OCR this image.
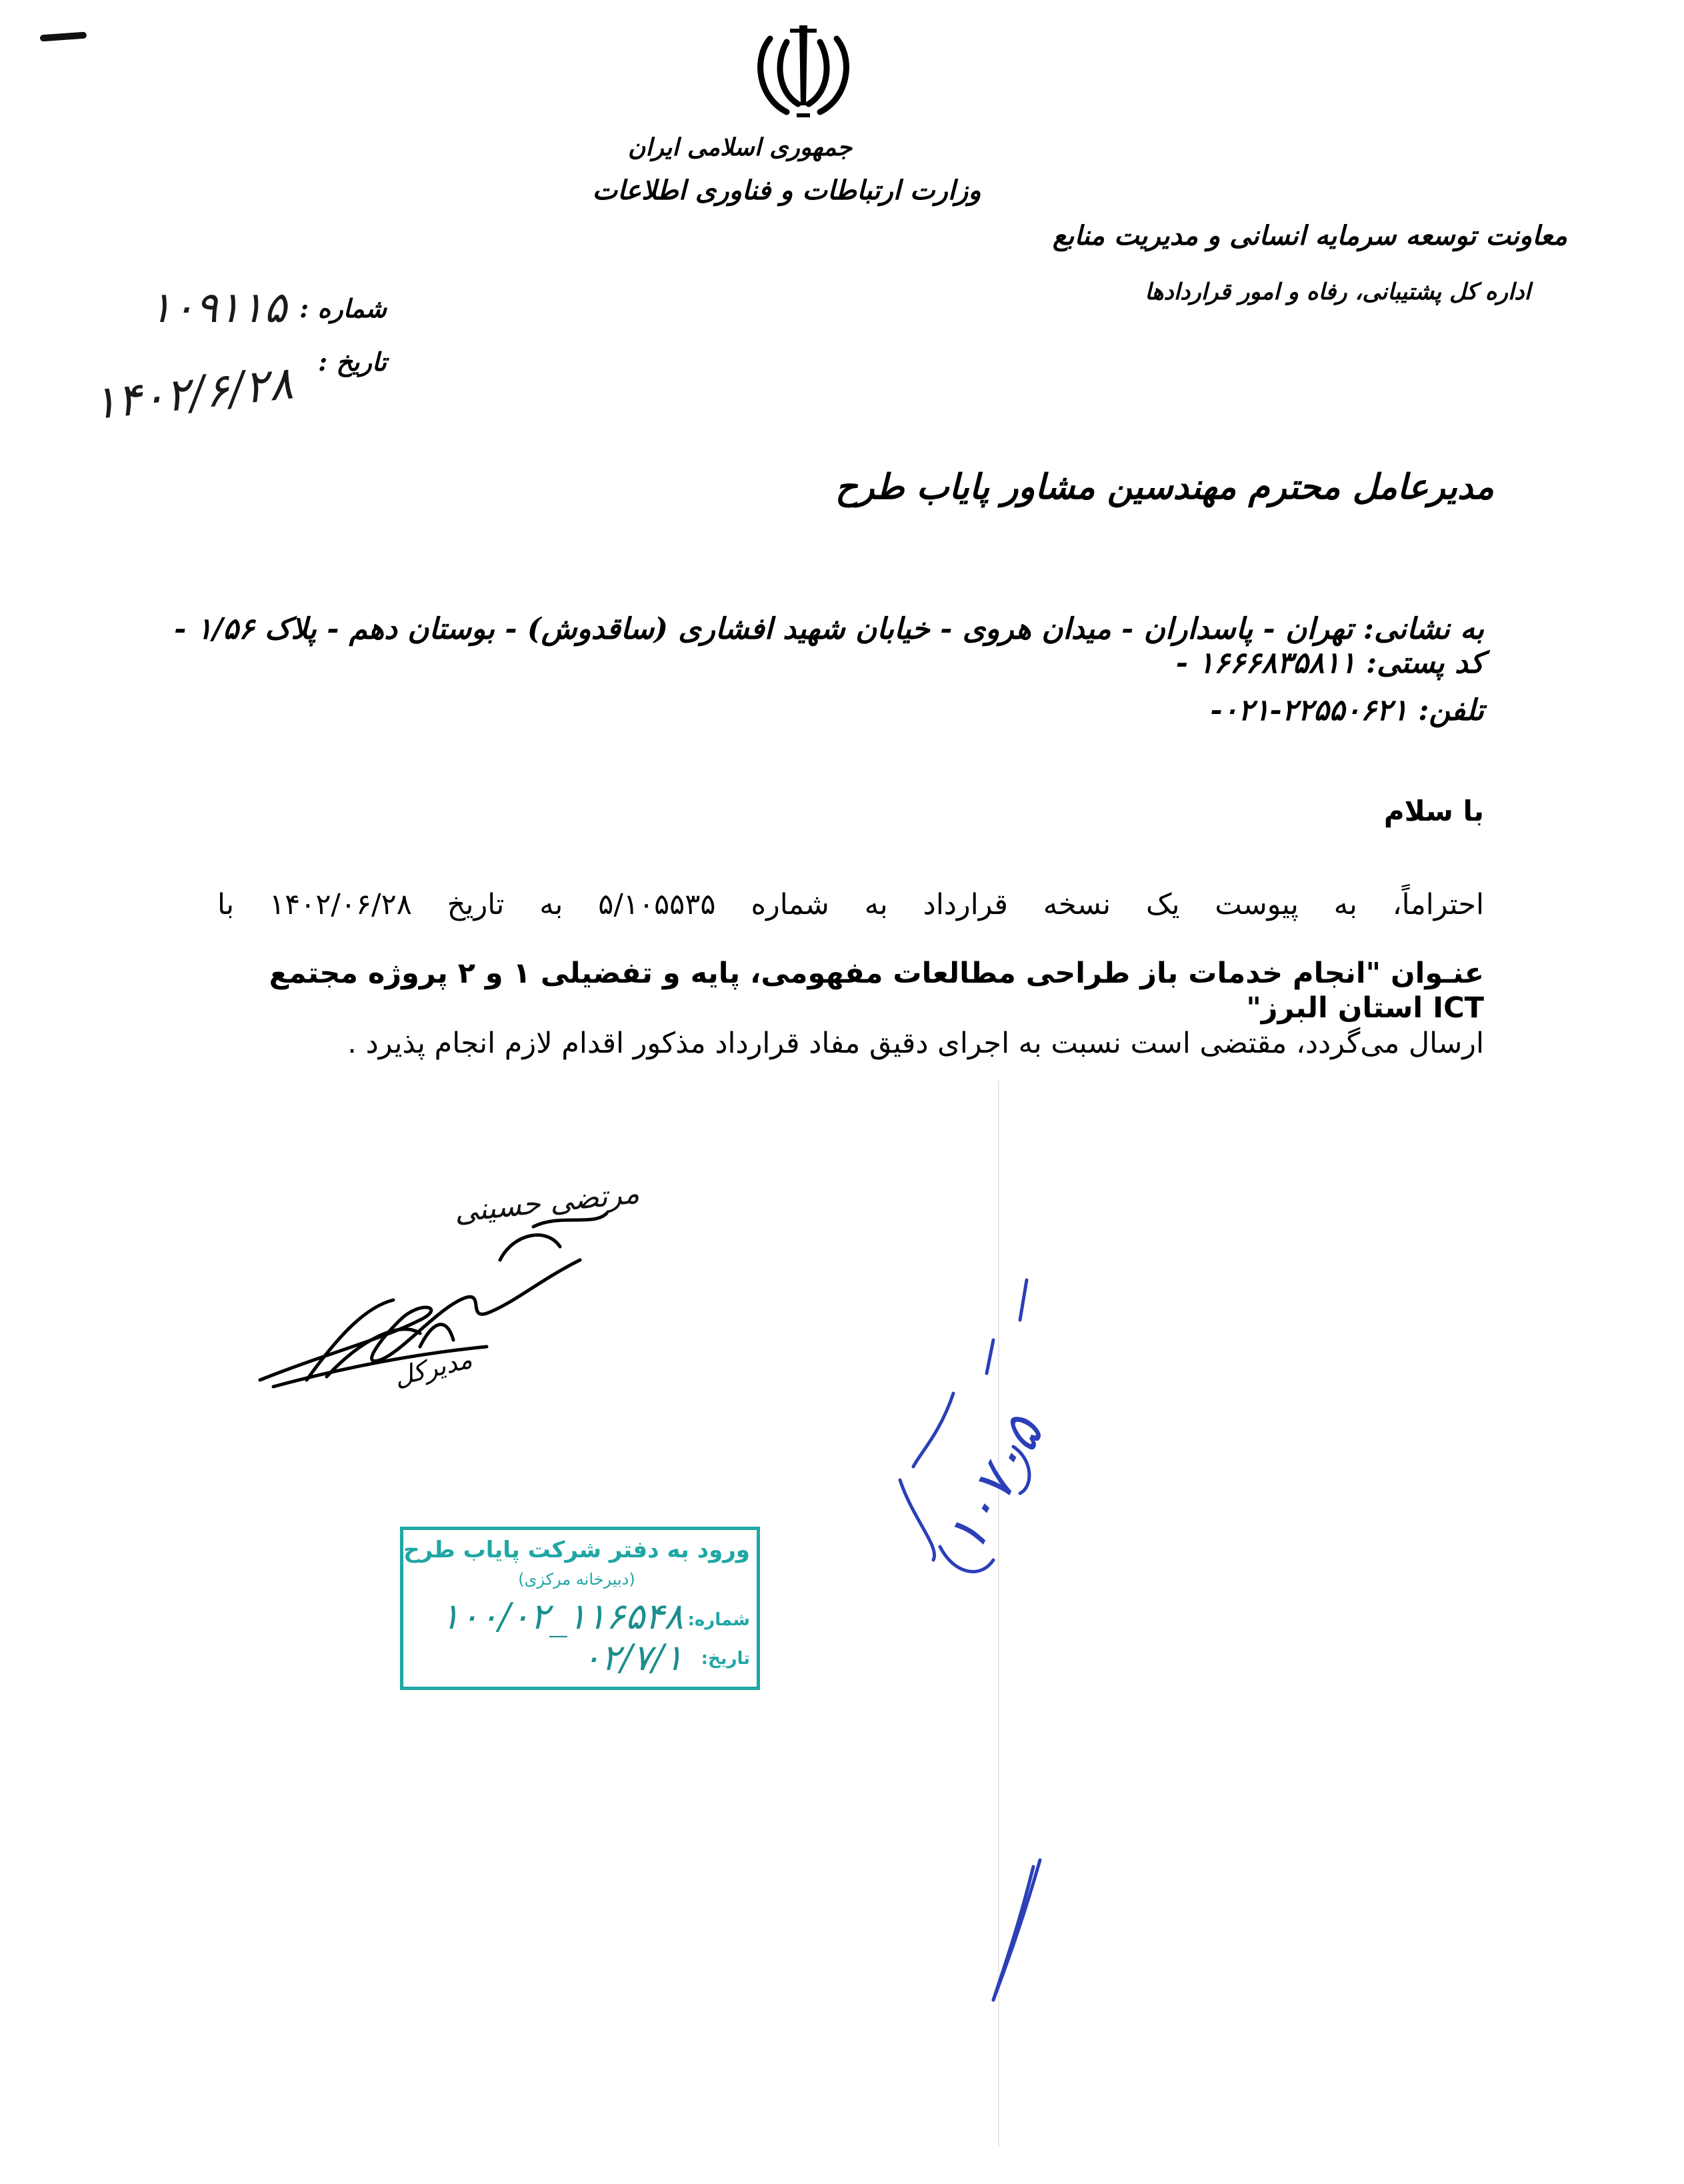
جمهوری اسلامی ایران
وزارت ارتباطات و فناوری اطلاعات
معاونت توسعه سرمایه انسانی و مدیریت منابع
اداره کل پشتیبانی، رفاه و امور قراردادها
شماره :
۱۰۹۱۱۵
تاریخ :
۱۴۰۲/۶/۲۸
مدیرعامل محترم مهندسین مشاور پایاب طرح
به نشانی: تهران - پاسداران - میدان هروی - خیابان شهید افشاری (ساقدوش) - بوستان دهم - پلاک ۱/۵۶ - کد پستی: ۱۶۶۶۸۳۵۸۱۱ -
تلفن: ۲۲۵۵۰۶۲۱-۰۲۱-
با سلام
احتراماً، به پیوست یک نسخه قرارداد به شماره ۵/۱۰۵۵۳۵ به تاریخ ۱۴۰۲/۰۶/۲۸ با
عنـوان "انجام خدمات باز طراحی مطالعات مفهومی، پایه و تفضیلی ۱ و ۲ پروژه مجتمع ICT استان البرز"
ارسال می‌گردد، مقتضی است نسبت به اجرای دقیق مفاد قرارداد مذکور اقدام لازم انجام پذیرد .
مرتضی حسینی
مدیرکل
۱۰۷۰۵
ورود به دفتر شرکت پایاب طرح
(دبیرخانه مرکزی)
شماره:
۱۰۰/۰۲_۱۱۶۵۴۸
تاریخ:
۰۲/۷/۱
